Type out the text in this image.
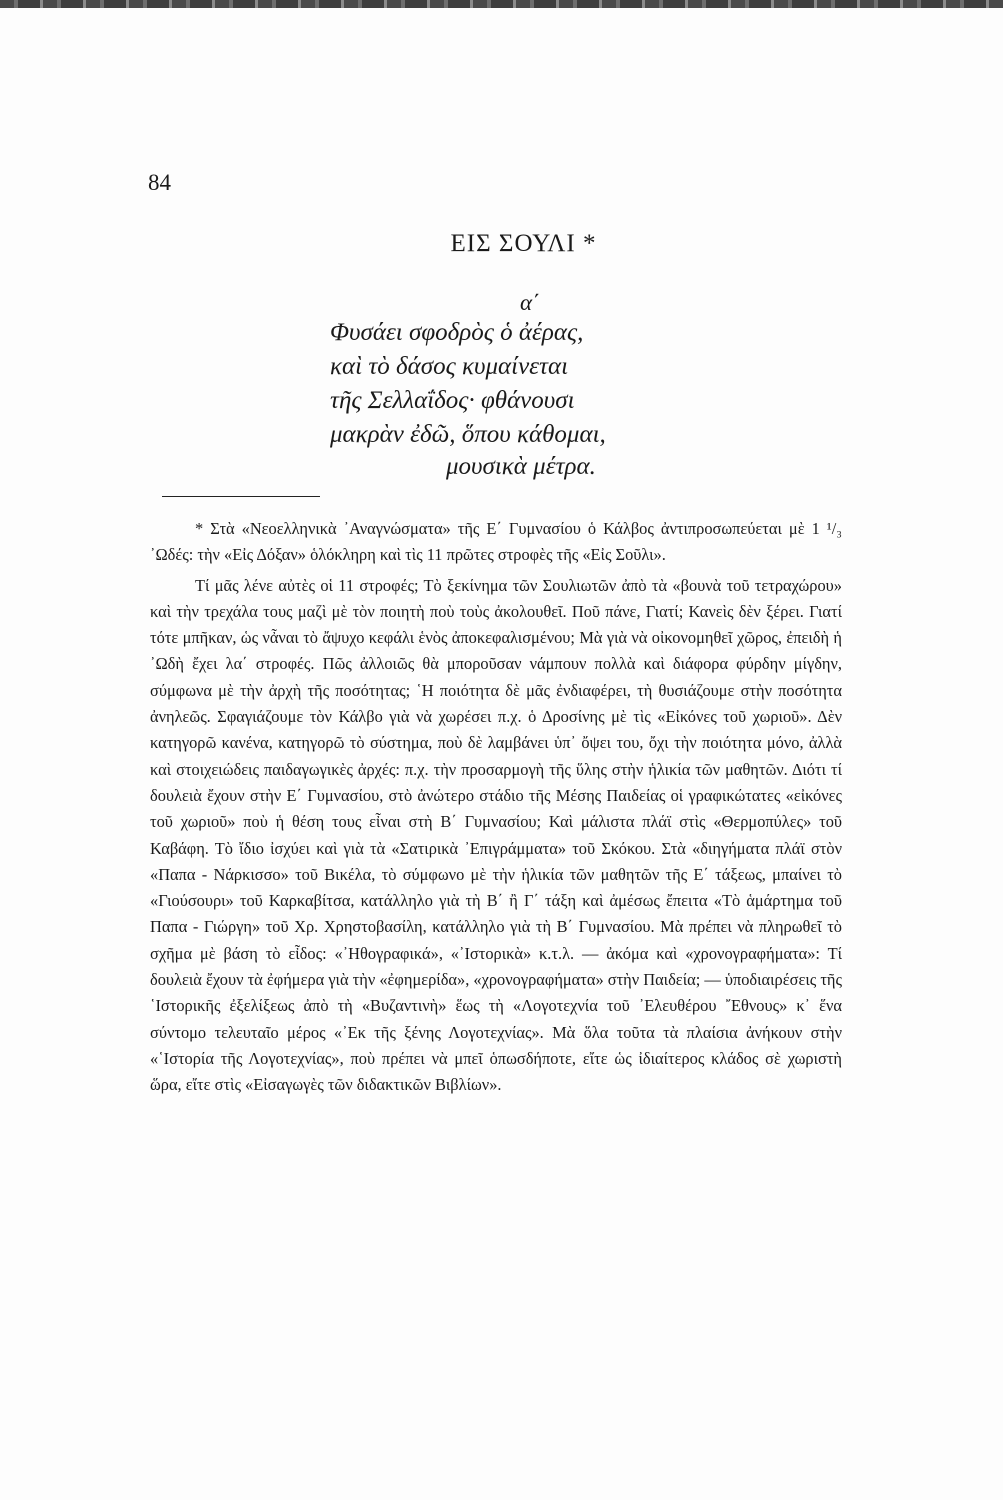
84
ΕΙΣ ΣΟΥΛΙ *
α΄
Φυσάει σφοδρὸς ὁ ἀέρας,
καὶ τὸ δάσος κυμαίνεται
τῆς Σελλαΐδος· φθάνουσι
μακρὰν ἐδῶ, ὅπου κάθομαι,
μουσικὰ μέτρα.

* Στὰ «Νεοελληνικὰ ᾿Αναγνώσματα» τῆς Ε΄ Γυμνασίου ὁ Κάλβος ἀντιπροσωπεύεται μὲ 1 ¹/₃ ᾿Ωδές: τὴν «Εἰς Δόξαν» ὁλόκληρη καὶ τὶς 11 πρῶτες στροφὲς τῆς «Εἰς Σοῦλι».

Τί μᾶς λένε αὐτὲς οἱ 11 στροφές; Τὸ ξεκίνημα τῶν Σουλιωτῶν ἀπὸ τὰ «βουνὰ τοῦ τετραχώρου» καὶ τὴν τρεχάλα τους μαζὶ μὲ τὸν ποιητὴ ποὺ τοὺς ἀκολουθεῖ. Ποῦ πάνε, Γιατί; Κανεὶς δὲν ξέρει. Γιατί τότε μπῆκαν, ὡς νἆναι τὸ ἄψυχο κεφάλι ἑνὸς ἀποκεφαλισμένου; Μὰ γιὰ νὰ οἰκονομηθεῖ χῶρος, ἐπειδὴ ἡ ᾿Ωδὴ ἔχει λα΄ στροφές. Πῶς ἀλλοιῶς θὰ μποροῦσαν νάμπουν πολλὰ καὶ διάφορα φύρδην μίγδην, σύμφωνα μὲ τὴν ἀρχὴ τῆς ποσότητας; ῾Η ποιότητα δὲ μᾶς ἐνδιαφέρει, τὴ θυσιάζουμε στὴν ποσότητα ἀνηλεῶς. Σφαγιάζουμε τὸν Κάλβο γιὰ νὰ χωρέσει π.χ. ὁ Δροσίνης μὲ τὶς «Εἰκόνες τοῦ χωριοῦ». Δὲν κατηγορῶ κανένα, κατηγορῶ τὸ σύστημα, ποὺ δὲ λαμβάνει ὑπ᾿ ὄψει του, ὄχι τὴν ποιότητα μόνο, ἀλλὰ καὶ στοιχειώδεις παιδαγωγικὲς ἀρχές: π.χ. τὴν προσαρμογὴ τῆς ὕλης στὴν ἡλικία τῶν μαθητῶν. Διότι τί δουλειὰ ἔχουν στὴν Ε΄ Γυμνασίου, στὸ ἀνώτερο στάδιο τῆς Μέσης Παιδείας οἱ γραφικώτατες «εἰκόνες τοῦ χωριοῦ» ποὺ ἡ θέση τους εἶναι στὴ Β΄ Γυμνασίου; Καὶ μάλιστα πλάϊ στὶς «Θερμοπύλες» τοῦ Καβάφη. Τὸ ἴδιο ἰσχύει καὶ γιὰ τὰ «Σατιρικὰ ᾿Επιγράμματα» τοῦ Σκόκου. Στὰ «διηγήματα πλάϊ στὸν «Παπα - Νάρκισσο» τοῦ Βικέλα, τὸ σύμφωνο μὲ τὴν ἡλικία τῶν μαθητῶν τῆς Ε΄ τάξεως, μπαίνει τὸ «Γιούσουρι» τοῦ Καρκαβίτσα, κατάλληλο γιὰ τὴ Β΄ ἢ Γ΄ τάξη καὶ ἀμέσως ἔπειτα «Τὸ ἁμάρτημα τοῦ Παπα - Γιώργη» τοῦ Χρ. Χρηστοβασίλη, κατάλληλο γιὰ τὴ Β΄ Γυμνασίου. Μὰ πρέπει νὰ πληρωθεῖ τὸ σχῆμα μὲ βάση τὸ εἶδος: «᾿Ηθογραφικά», «᾿Ιστορικὰ» κ.τ.λ. — ἀκόμα καὶ «χρονογραφήματα»: Τί δουλειὰ ἔχουν τὰ ἐφήμερα γιὰ τὴν «ἐφημερίδα», «χρονογραφήματα» στὴν Παιδεία; — ὑποδιαιρέσεις τῆς ῾Ιστορικῆς ἐξελίξεως ἀπὸ τὴ «Βυζαντινὴ» ἕως τὴ «Λογοτεχνία τοῦ ᾿Ελευθέρου ῎Εθνους» κ᾿ ἕνα σύντομο τελευταῖο μέρος «᾿Εκ τῆς ξένης Λογοτεχνίας». Μὰ ὅλα τοῦτα τὰ πλαίσια ἀνήκουν στὴν «῾Ιστορία τῆς Λογοτεχνίας», ποὺ πρέπει νὰ μπεῖ ὁπωσδήποτε, εἴτε ὡς ἰδιαίτερος κλάδος σὲ χωριστὴ ὥρα, εἴτε στὶς «Εἰσαγωγὲς τῶν διδακτικῶν Βιβλίων».
